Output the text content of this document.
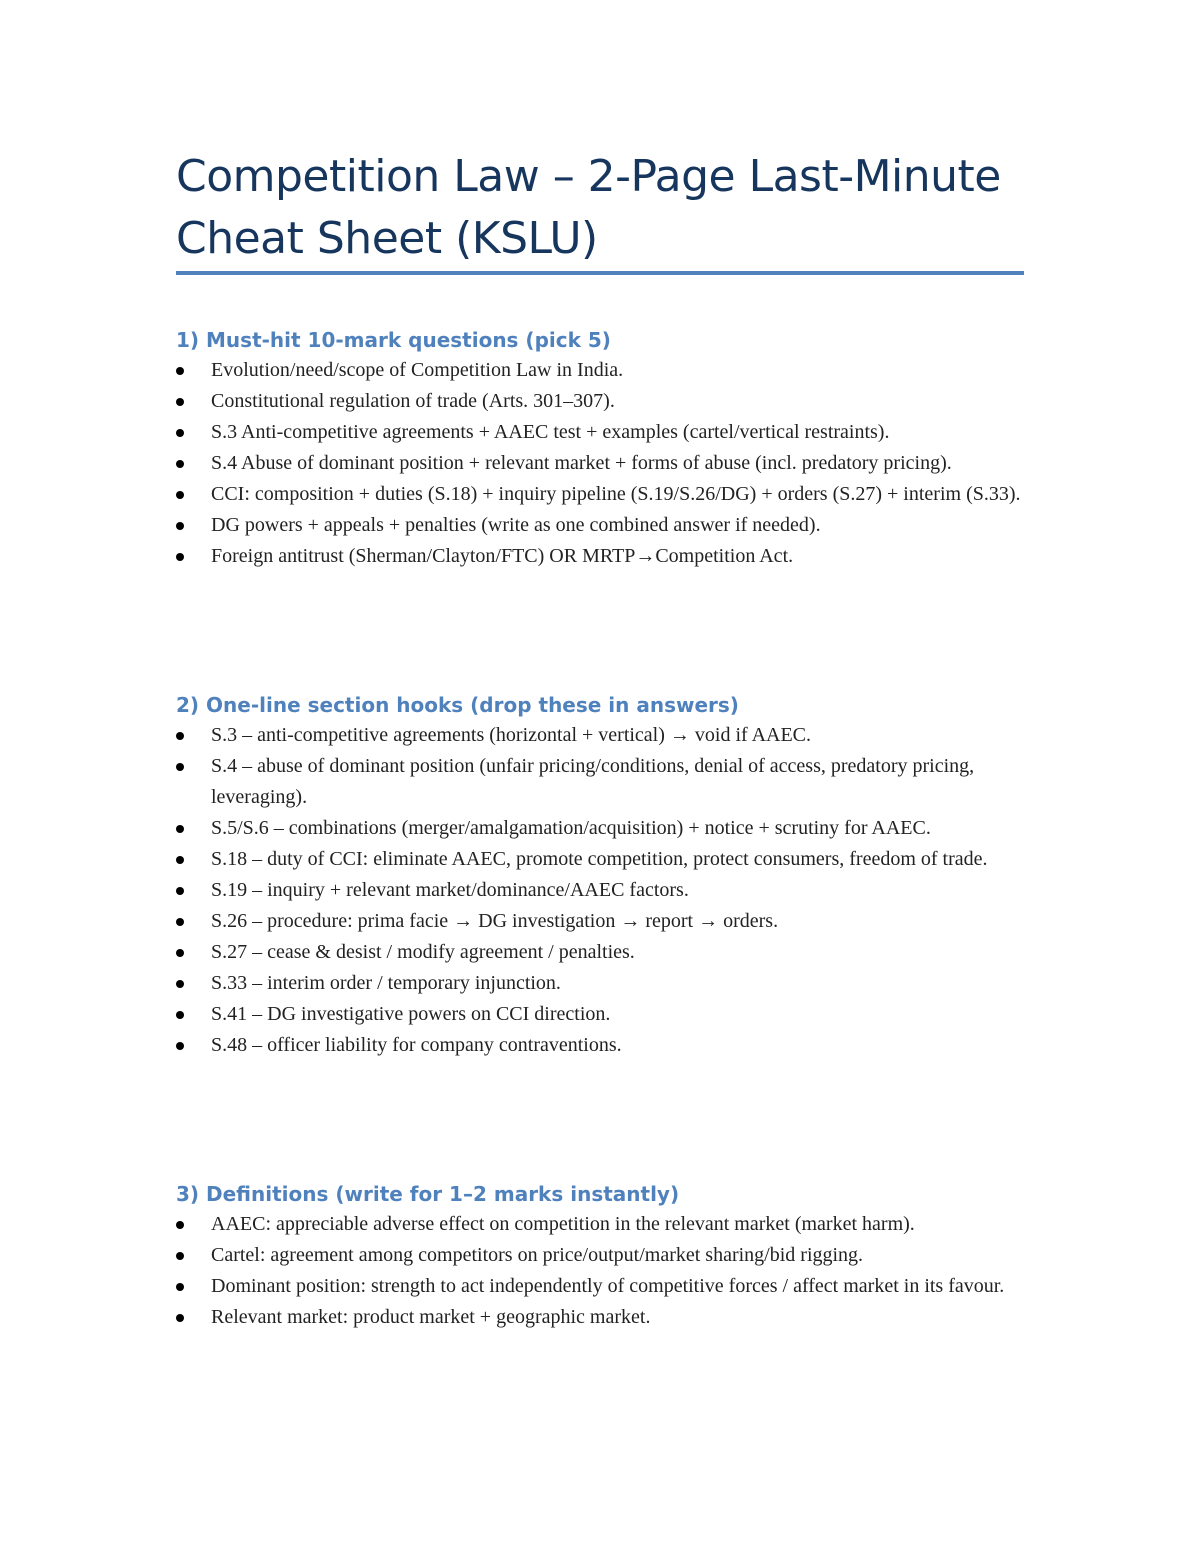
Competition Law – 2-Page Last-Minute Cheat Sheet (KSLU)
1) Must-hit 10-mark questions (pick 5)
Evolution/need/scope of Competition Law in India.
Constitutional regulation of trade (Arts. 301–307).
S.3 Anti-competitive agreements + AAEC test + examples (cartel/vertical restraints).
S.4 Abuse of dominant position + relevant market + forms of abuse (incl. predatory pricing).
CCI: composition + duties (S.18) + inquiry pipeline (S.19/S.26/DG) + orders (S.27) + interim (S.33).
DG powers + appeals + penalties (write as one combined answer if needed).
Foreign antitrust (Sherman/Clayton/FTC) OR MRTP→Competition Act.
2) One-line section hooks (drop these in answers)
S.3 – anti-competitive agreements (horizontal + vertical) → void if AAEC.
S.4 – abuse of dominant position (unfair pricing/conditions, denial of access, predatory pricing, leveraging).
S.5/S.6 – combinations (merger/amalgamation/acquisition) + notice + scrutiny for AAEC.
S.18 – duty of CCI: eliminate AAEC, promote competition, protect consumers, freedom of trade.
S.19 – inquiry + relevant market/dominance/AAEC factors.
S.26 – procedure: prima facie → DG investigation → report → orders.
S.27 – cease & desist / modify agreement / penalties.
S.33 – interim order / temporary injunction.
S.41 – DG investigative powers on CCI direction.
S.48 – officer liability for company contraventions.
3) Definitions (write for 1–2 marks instantly)
AAEC: appreciable adverse effect on competition in the relevant market (market harm).
Cartel: agreement among competitors on price/output/market sharing/bid rigging.
Dominant position: strength to act independently of competitive forces / affect market in its favour.
Relevant market: product market + geographic market.
